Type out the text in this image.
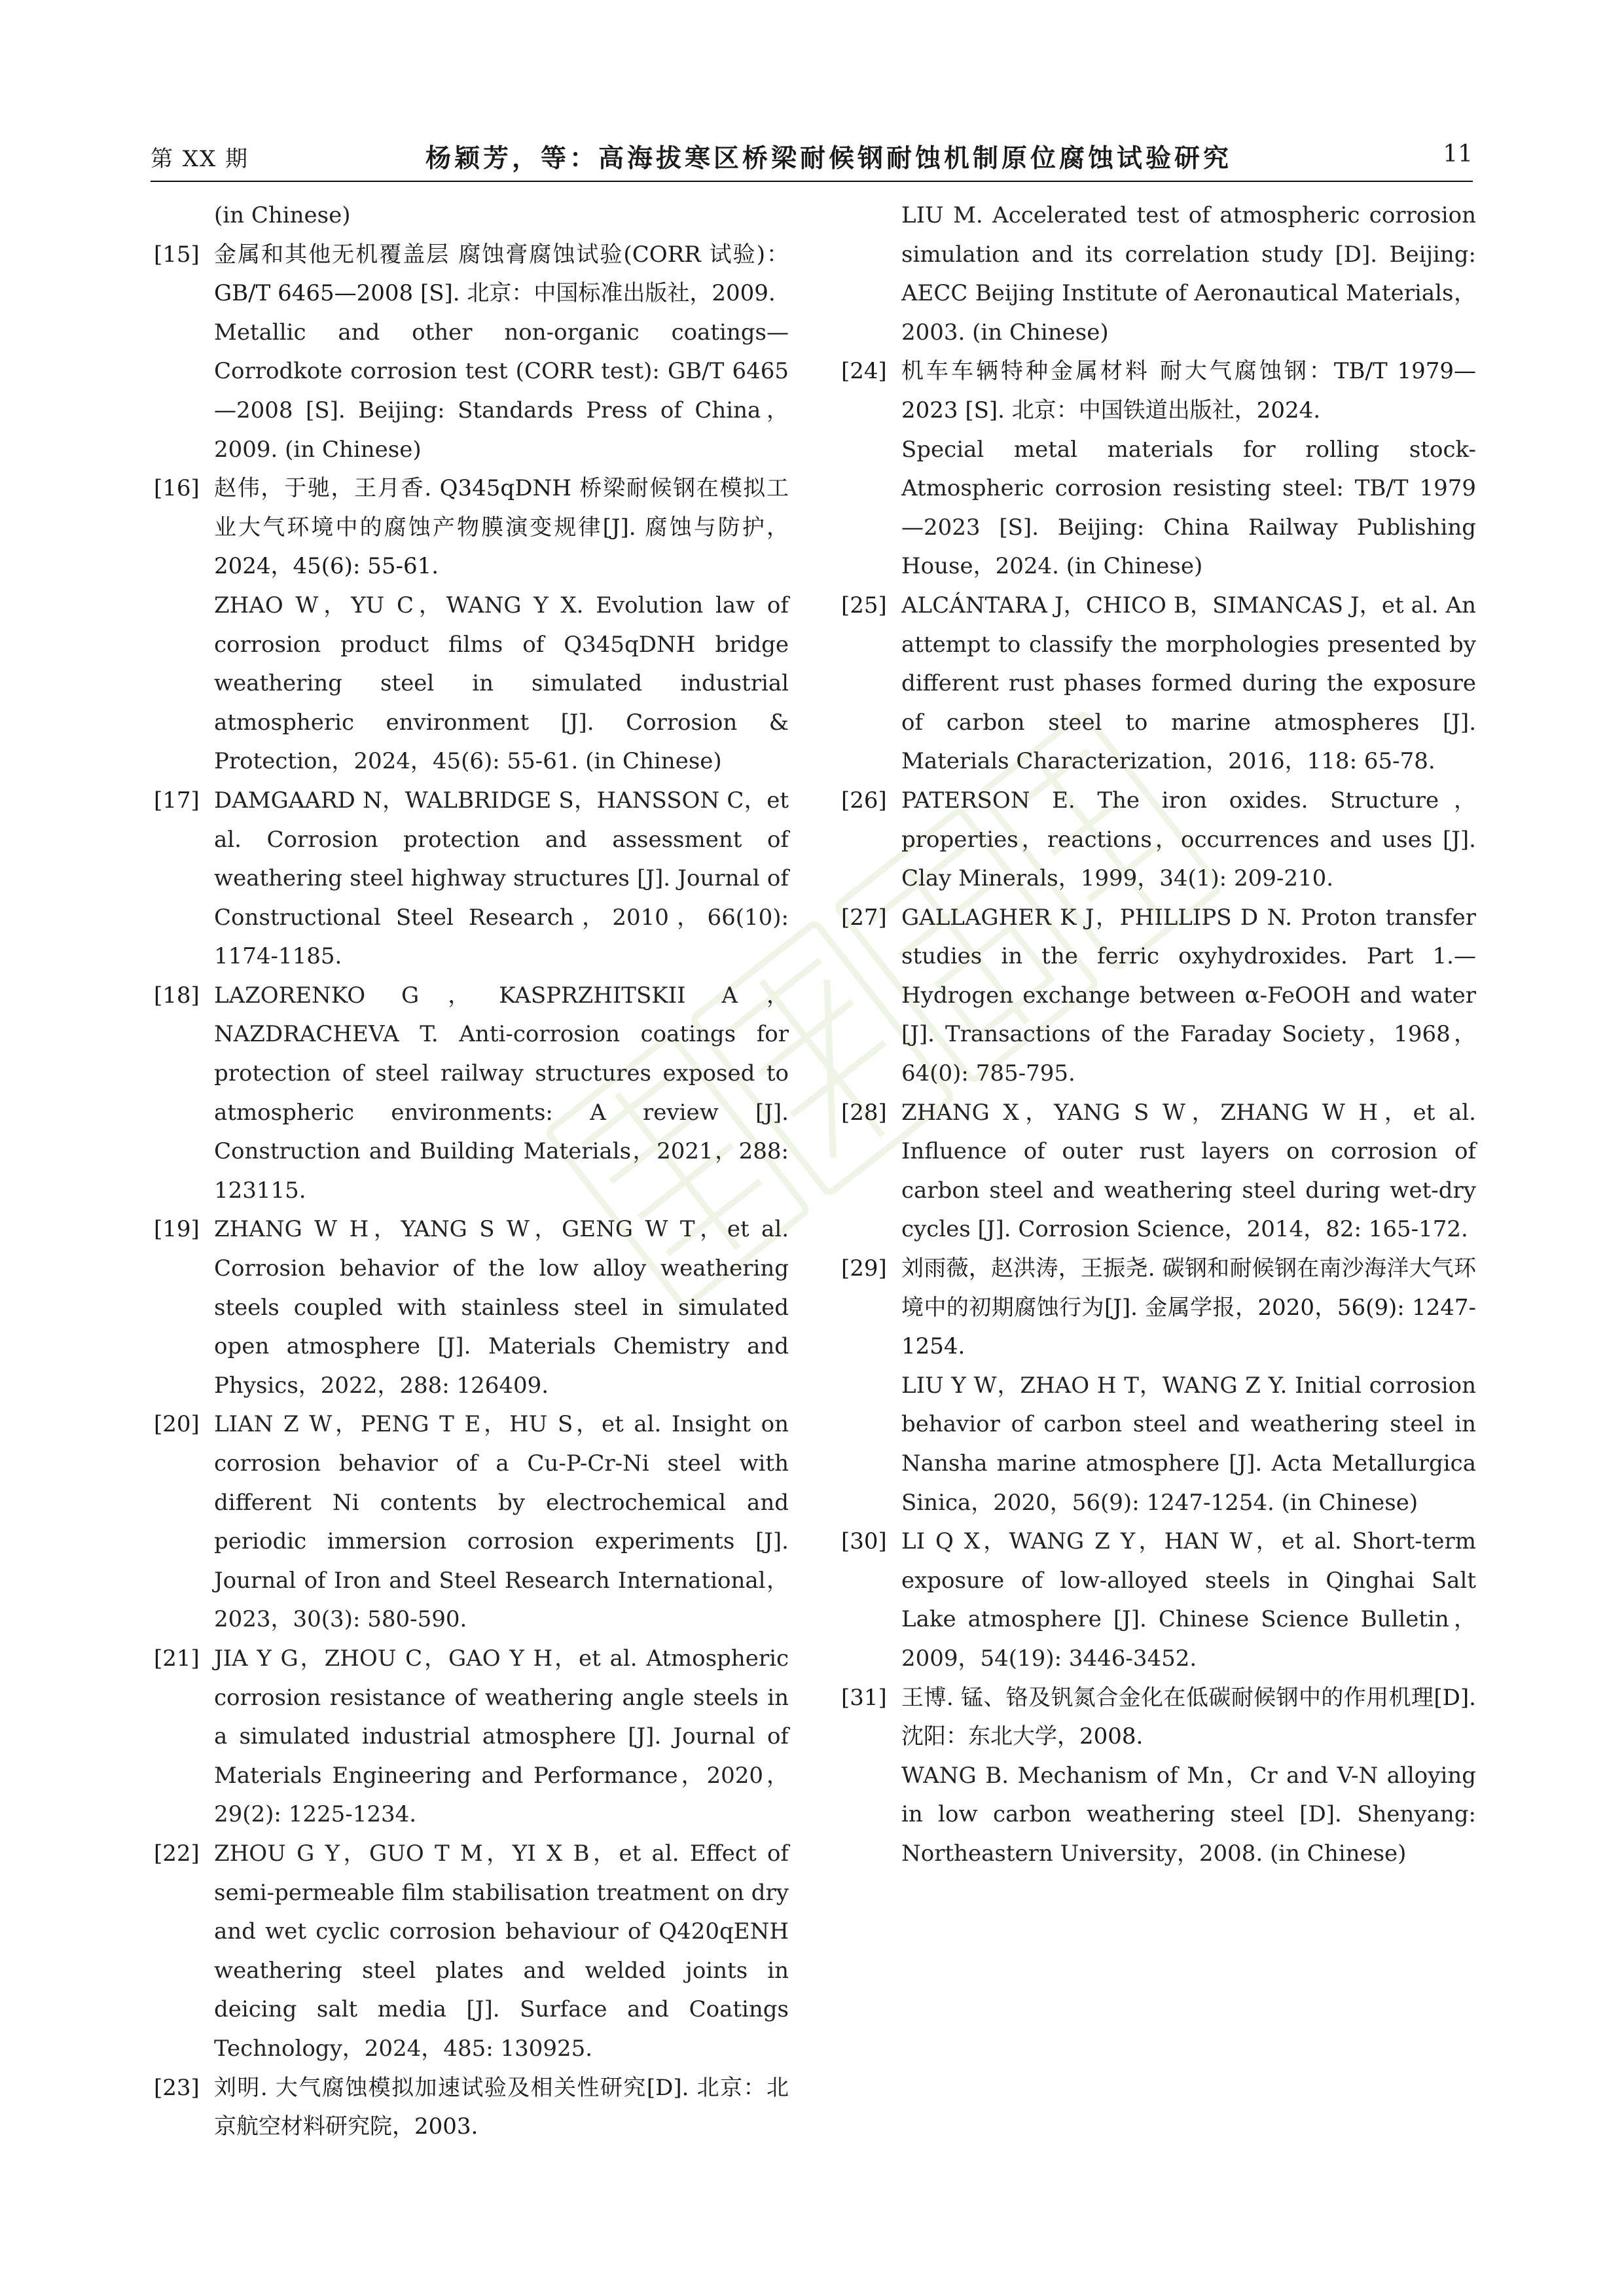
第 XX 期	杨颖芳，等：高海拔寒区桥梁耐候钢耐蚀机制原位腐蚀试验研究	11
(in Chinese)
[15] 金属和其他无机覆盖层 腐蚀膏腐蚀试验(CORR 试验)：GB/T 6465—2008 [S]. 北京：中国标准出版社，2009.
Metallic and other non-organic coatings—Corrodkote corrosion test (CORR test): GB/T 6465—2008 [S]. Beijing: Standards Press of China，2009. (in Chinese)
[16] 赵伟，于驰，王月香. Q345qDNH 桥梁耐候钢在模拟工业大气环境中的腐蚀产物膜演变规律[J]. 腐蚀与防护，2024，45(6): 55-61.
ZHAO W，YU C，WANG Y X. Evolution law of corrosion product films of Q345qDNH bridge weathering steel in simulated industrial atmospheric environment [J]. Corrosion & Protection，2024，45(6): 55-61. (in Chinese)
[17] DAMGAARD N，WALBRIDGE S，HANSSON C，et al. Corrosion protection and assessment of weathering steel highway structures [J]. Journal of Constructional Steel Research，2010，66(10): 1174-1185.
[18] LAZORENKO G，KASPRZHITSKII A，NAZDRACHEVA T. Anti-corrosion coatings for protection of steel railway structures exposed to atmospheric environments: A review [J]. Construction and Building Materials，2021，288: 123115.
[19] ZHANG W H，YANG S W，GENG W T，et al. Corrosion behavior of the low alloy weathering steels coupled with stainless steel in simulated open atmosphere [J]. Materials Chemistry and Physics，2022，288: 126409.
[20] LIAN Z W，PENG T E，HU S，et al. Insight on corrosion behavior of a Cu-P-Cr-Ni steel with different Ni contents by electrochemical and periodic immersion corrosion experiments [J]. Journal of Iron and Steel Research International，2023，30(3): 580-590.
[21] JIA Y G，ZHOU C，GAO Y H，et al. Atmospheric corrosion resistance of weathering angle steels in a simulated industrial atmosphere [J]. Journal of Materials Engineering and Performance，2020，29(2): 1225-1234.
[22] ZHOU G Y，GUO T M，YI X B，et al. Effect of semi-permeable film stabilisation treatment on dry and wet cyclic corrosion behaviour of Q420qENH weathering steel plates and welded joints in deicing salt media [J]. Surface and Coatings Technology，2024，485: 130925.
[23] 刘明. 大气腐蚀模拟加速试验及相关性研究[D]. 北京：北京航空材料研究院，2003.
LIU M. Accelerated test of atmospheric corrosion simulation and its correlation study [D]. Beijing: AECC Beijing Institute of Aeronautical Materials，2003. (in Chinese)
[24] 机车车辆特种金属材料 耐大气腐蚀钢：TB/T 1979—2023 [S]. 北京：中国铁道出版社，2024.
Special metal materials for rolling stock-Atmospheric corrosion resisting steel: TB/T 1979—2023 [S]. Beijing: China Railway Publishing House，2024. (in Chinese)
[25] ALCÁNTARA J，CHICO B，SIMANCAS J，et al. An attempt to classify the morphologies presented by different rust phases formed during the exposure of carbon steel to marine atmospheres [J]. Materials Characterization，2016，118: 65-78.
[26] PATERSON E. The iron oxides. Structure，properties，reactions，occurrences and uses [J]. Clay Minerals，1999，34(1): 209-210.
[27] GALLAGHER K J，PHILLIPS D N. Proton transfer studies in the ferric oxyhydroxides. Part 1.—Hydrogen exchange between α-FeOOH and water [J]. Transactions of the Faraday Society，1968，64(0): 785-795.
[28] ZHANG X，YANG S W，ZHANG W H，et al. Influence of outer rust layers on corrosion of carbon steel and weathering steel during wet-dry cycles [J]. Corrosion Science，2014，82: 165-172.
[29] 刘雨薇，赵洪涛，王振尧. 碳钢和耐候钢在南沙海洋大气环境中的初期腐蚀行为[J]. 金属学报，2020，56(9): 1247-1254.
LIU Y W，ZHAO H T，WANG Z Y. Initial corrosion behavior of carbon steel and weathering steel in Nansha marine atmosphere [J]. Acta Metallurgica Sinica，2020，56(9): 1247-1254. (in Chinese)
[30] LI Q X，WANG Z Y，HAN W，et al. Short-term exposure of low-alloyed steels in Qinghai Salt Lake atmosphere [J]. Chinese Science Bulletin，2009，54(19): 3446-3452.
[31] 王博. 锰、铬及钒氮合金化在低碳耐候钢中的作用机理[D]. 沈阳：东北大学，2008.
WANG B. Mechanism of Mn，Cr and V-N alloying in low carbon weathering steel [D]. Shenyang: Northeastern University，2008. (in Chinese)
